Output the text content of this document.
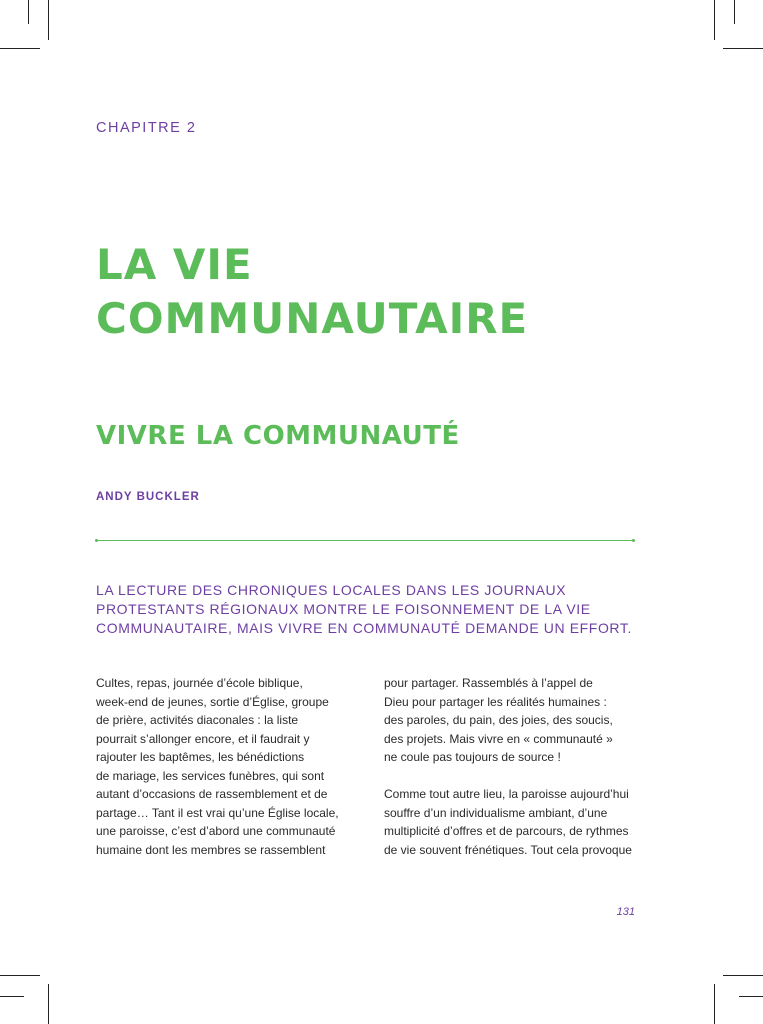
CHAPITRE 2
LA VIE
COMMUNAUTAIRE
VIVRE LA COMMUNAUTÉ
ANDY BUCKLER
LA LECTURE DES CHRONIQUES LOCALES DANS LES JOURNAUX
PROTESTANTS RÉGIONAUX MONTRE LE FOISONNEMENT DE LA VIE
COMMUNAUTAIRE, MAIS VIVRE EN COMMUNAUTÉ DEMANDE UN EFFORT.
Cultes, repas, journée d’école biblique,
week-end de jeunes, sortie d’Église, groupe
de prière, activités diaconales : la liste
pourrait s’allonger encore, et il faudrait y
rajouter les baptêmes, les bénédictions
de mariage, les services funèbres, qui sont
autant d’occasions de rassemblement et de
partage… Tant il est vrai qu’une Église locale,
une paroisse, c’est d’abord une communauté
humaine dont les membres se rassemblent
pour partager. Rassemblés à l’appel de
Dieu pour partager les réalités humaines :
des paroles, du pain, des joies, des soucis,
des projets. Mais vivre en « communauté »
ne coule pas toujours de source !
Comme tout autre lieu, la paroisse aujourd’hui
souffre d’un individualisme ambiant, d’une
multiplicité d’offres et de parcours, de rythmes
de vie souvent frénétiques. Tout cela provoque
131
